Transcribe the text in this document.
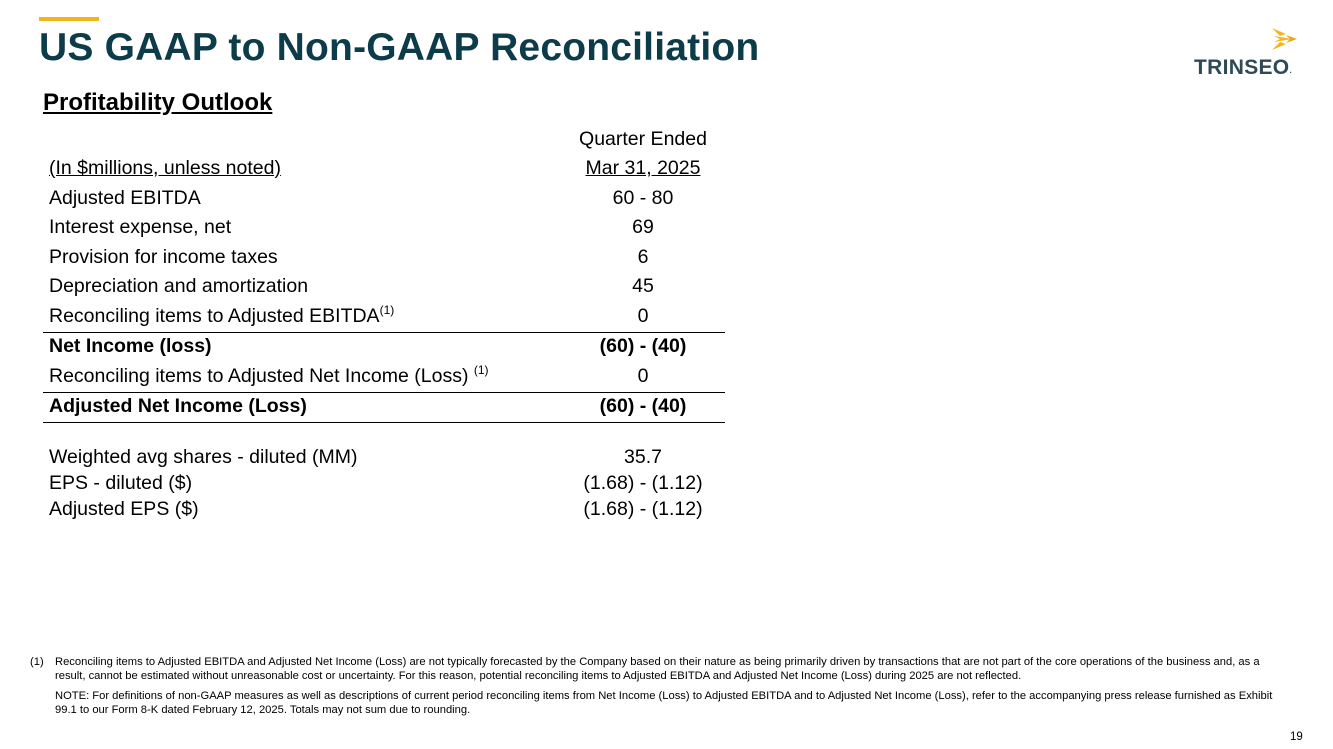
US GAAP to Non-GAAP Reconciliation	TRINSEO.
Profitability Outlook
Quarter Ended
(In $millions, unless noted)	Mar 31, 2025
Adjusted EBITDA	60 - 80
Interest expense, net	69
Provision for income taxes	6
Depreciation and amortization	45
Reconciling items to Adjusted EBITDA$^{(1)}$	0
Net Income (loss)	(60) - (40)
Reconciling items to Adjusted Net Income (Loss) $^{(1)}$	0
Adjusted Net Income (Loss)	(60) - (40)
Weighted avg shares - diluted (MM)	35.7
EPS - diluted ($)	(1.68) - (1.12)
Adjusted EPS ($)	(1.68) - (1.12)
(1) Reconciling items to Adjusted EBITDA and Adjusted Net Income (Loss) are not typically forecasted by the Company based on their nature as being primarily driven by transactions that are not part of the core operations of the business and, as a result, cannot be estimated without unreasonable cost or uncertainty. For this reason, potential reconciling items to Adjusted EBITDA and Adjusted Net Income (Loss) during 2025 are not reflected.
NOTE: For definitions of non-GAAP measures as well as descriptions of current period reconciling items from Net Income (Loss) to Adjusted EBITDA and to Adjusted Net Income (Loss), refer to the accompanying press release furnished as Exhibit 99.1 to our Form 8-K dated February 12, 2025. Totals may not sum due to rounding.
19
